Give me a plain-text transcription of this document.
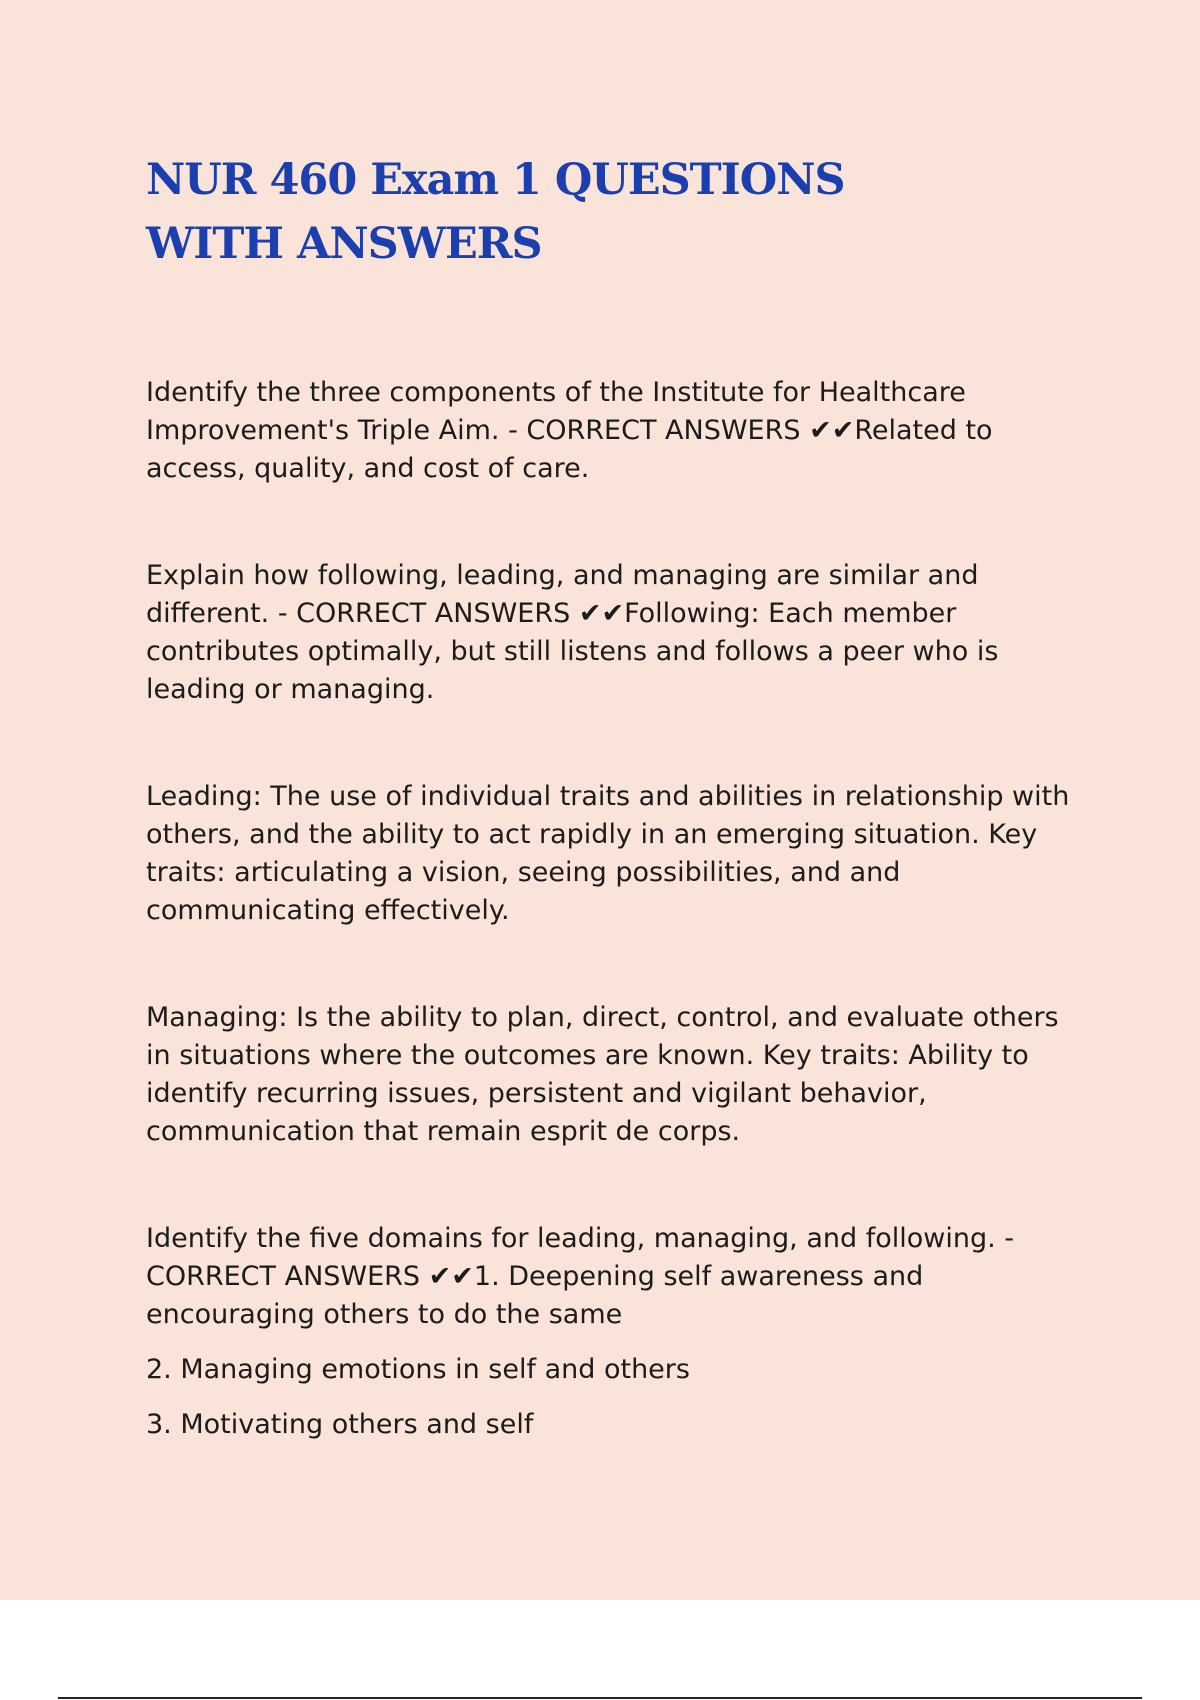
NUR 460 Exam 1 QUESTIONS WITH ANSWERS

Identify the three components of the Institute for Healthcare Improvement's Triple Aim. - CORRECT ANSWERS ✔✔Related to access, quality, and cost of care.

Explain how following, leading, and managing are similar and different. - CORRECT ANSWERS ✔✔Following: Each member contributes optimally, but still listens and follows a peer who is leading or managing.

Leading: The use of individual traits and abilities in relationship with others, and the ability to act rapidly in an emerging situation. Key traits: articulating a vision, seeing possibilities, and and communicating effectively.

Managing: Is the ability to plan, direct, control, and evaluate others in situations where the outcomes are known. Key traits: Ability to identify recurring issues, persistent and vigilant behavior, communication that remain esprit de corps.

Identify the five domains for leading, managing, and following. - CORRECT ANSWERS ✔✔1. Deepening self awareness and encouraging others to do the same

2. Managing emotions in self and others

3. Motivating others and self
